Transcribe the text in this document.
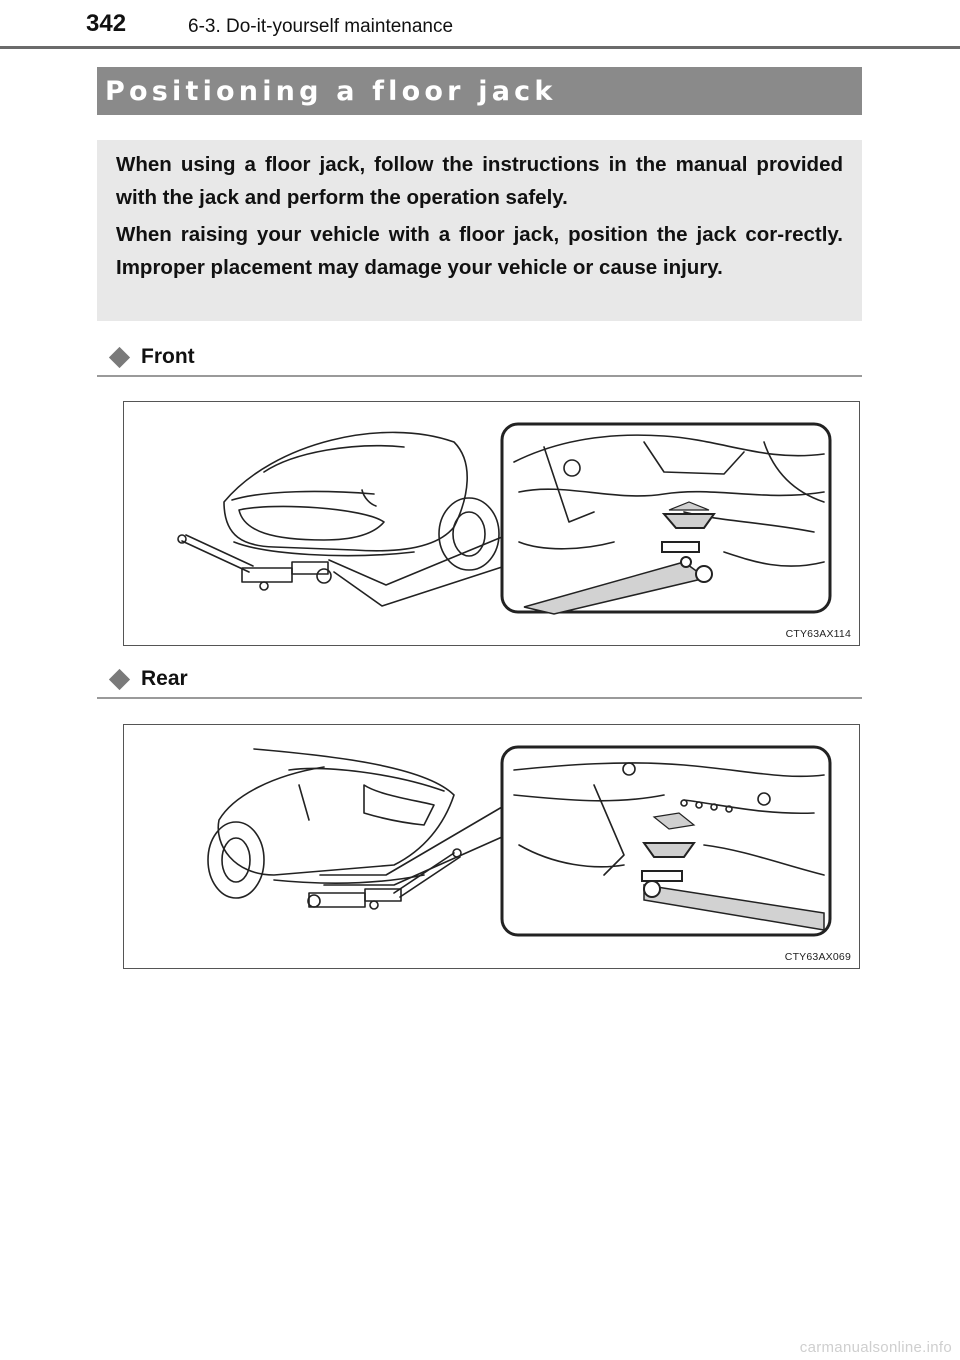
342	6-3. Do-it-yourself maintenance
Positioning a floor jack

When using a floor jack, follow the instructions in the manual provided with the jack and perform the operation safely.

When raising your vehicle with a floor jack, position the jack cor-rectly. Improper placement may damage your vehicle or cause injury.

Front
CTY63AX114
Rear
CTY63AX069
carmanualsonline.info
